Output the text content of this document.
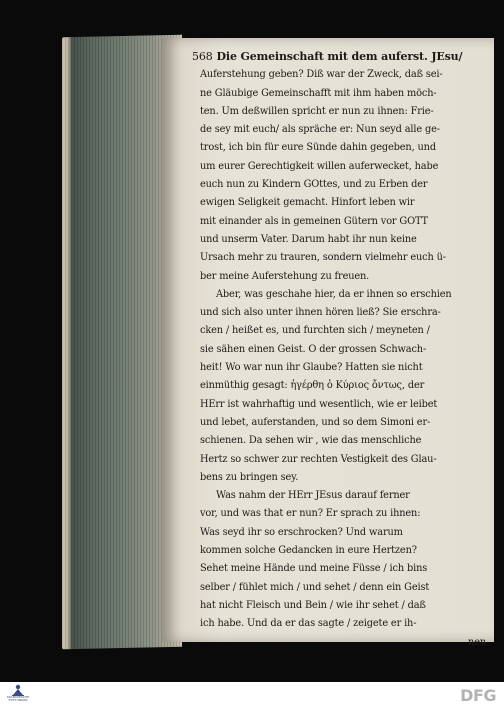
568 Die Gemeinschaft mit dem auferst. JEsu/
Auferstehung geben? Diß war der Zweck, daß sei-
ne Gläubige Gemeinschafft mit ihm haben möch-
ten. Um deßwillen spricht er nun zu ihnen: Frie-
de sey mit euch/ als spräche er: Nun seyd alle ge-
trost, ich bin für eure Sünde dahin gegeben, und
um eurer Gerechtigkeit willen auferwecket, habe
euch nun zu Kindern GOttes, und zu Erben der
ewigen Seligkeit gemacht. Hinfort leben wir
mit einander als in gemeinen Gütern vor GOTT
und unserm Vater. Darum habt ihr nun keine
Ursach mehr zu trauren, sondern vielmehr euch ü-
ber meine Auferstehung zu freuen.
Aber, was geschahe hier, da er ihnen so erschien
und sich also unter ihnen hören ließ? Sie erschra-
cken / heißet es, und furchten sich / meyneten /
sie sähen einen Geist. O der grossen Schwach-
heit! Wo war nun ihr Glaube? Hatten sie nicht
einmüthig gesagt: ἠγέρθη ὁ Κύριος ὄντως, der
HErr ist wahrhaftig und wesentlich, wie er leibet
und lebet, auferstanden, und so dem Simoni er-
schienen. Da sehen wir , wie das menschliche
Hertz so schwer zur rechten Vestigkeit des Glau-
bens zu bringen sey.
Was nahm der HErr JEsus darauf ferner
vor, und was that er nun? Er sprach zu ihnen:
Was seyd ihr so erschrocken? Und warum
kommen solche Gedancken in eure Hertzen?
Sehet meine Hände und meine Füsse / ich bins
selber / fühlet mich / und sehet / denn ein Geist
hat nicht Fleisch und Bein / wie ihr sehet / daß
ich habe. Und da er das sagte / zeigete er ih-
nen
FRANCKESCHE
STIFTUNGEN	DFG
